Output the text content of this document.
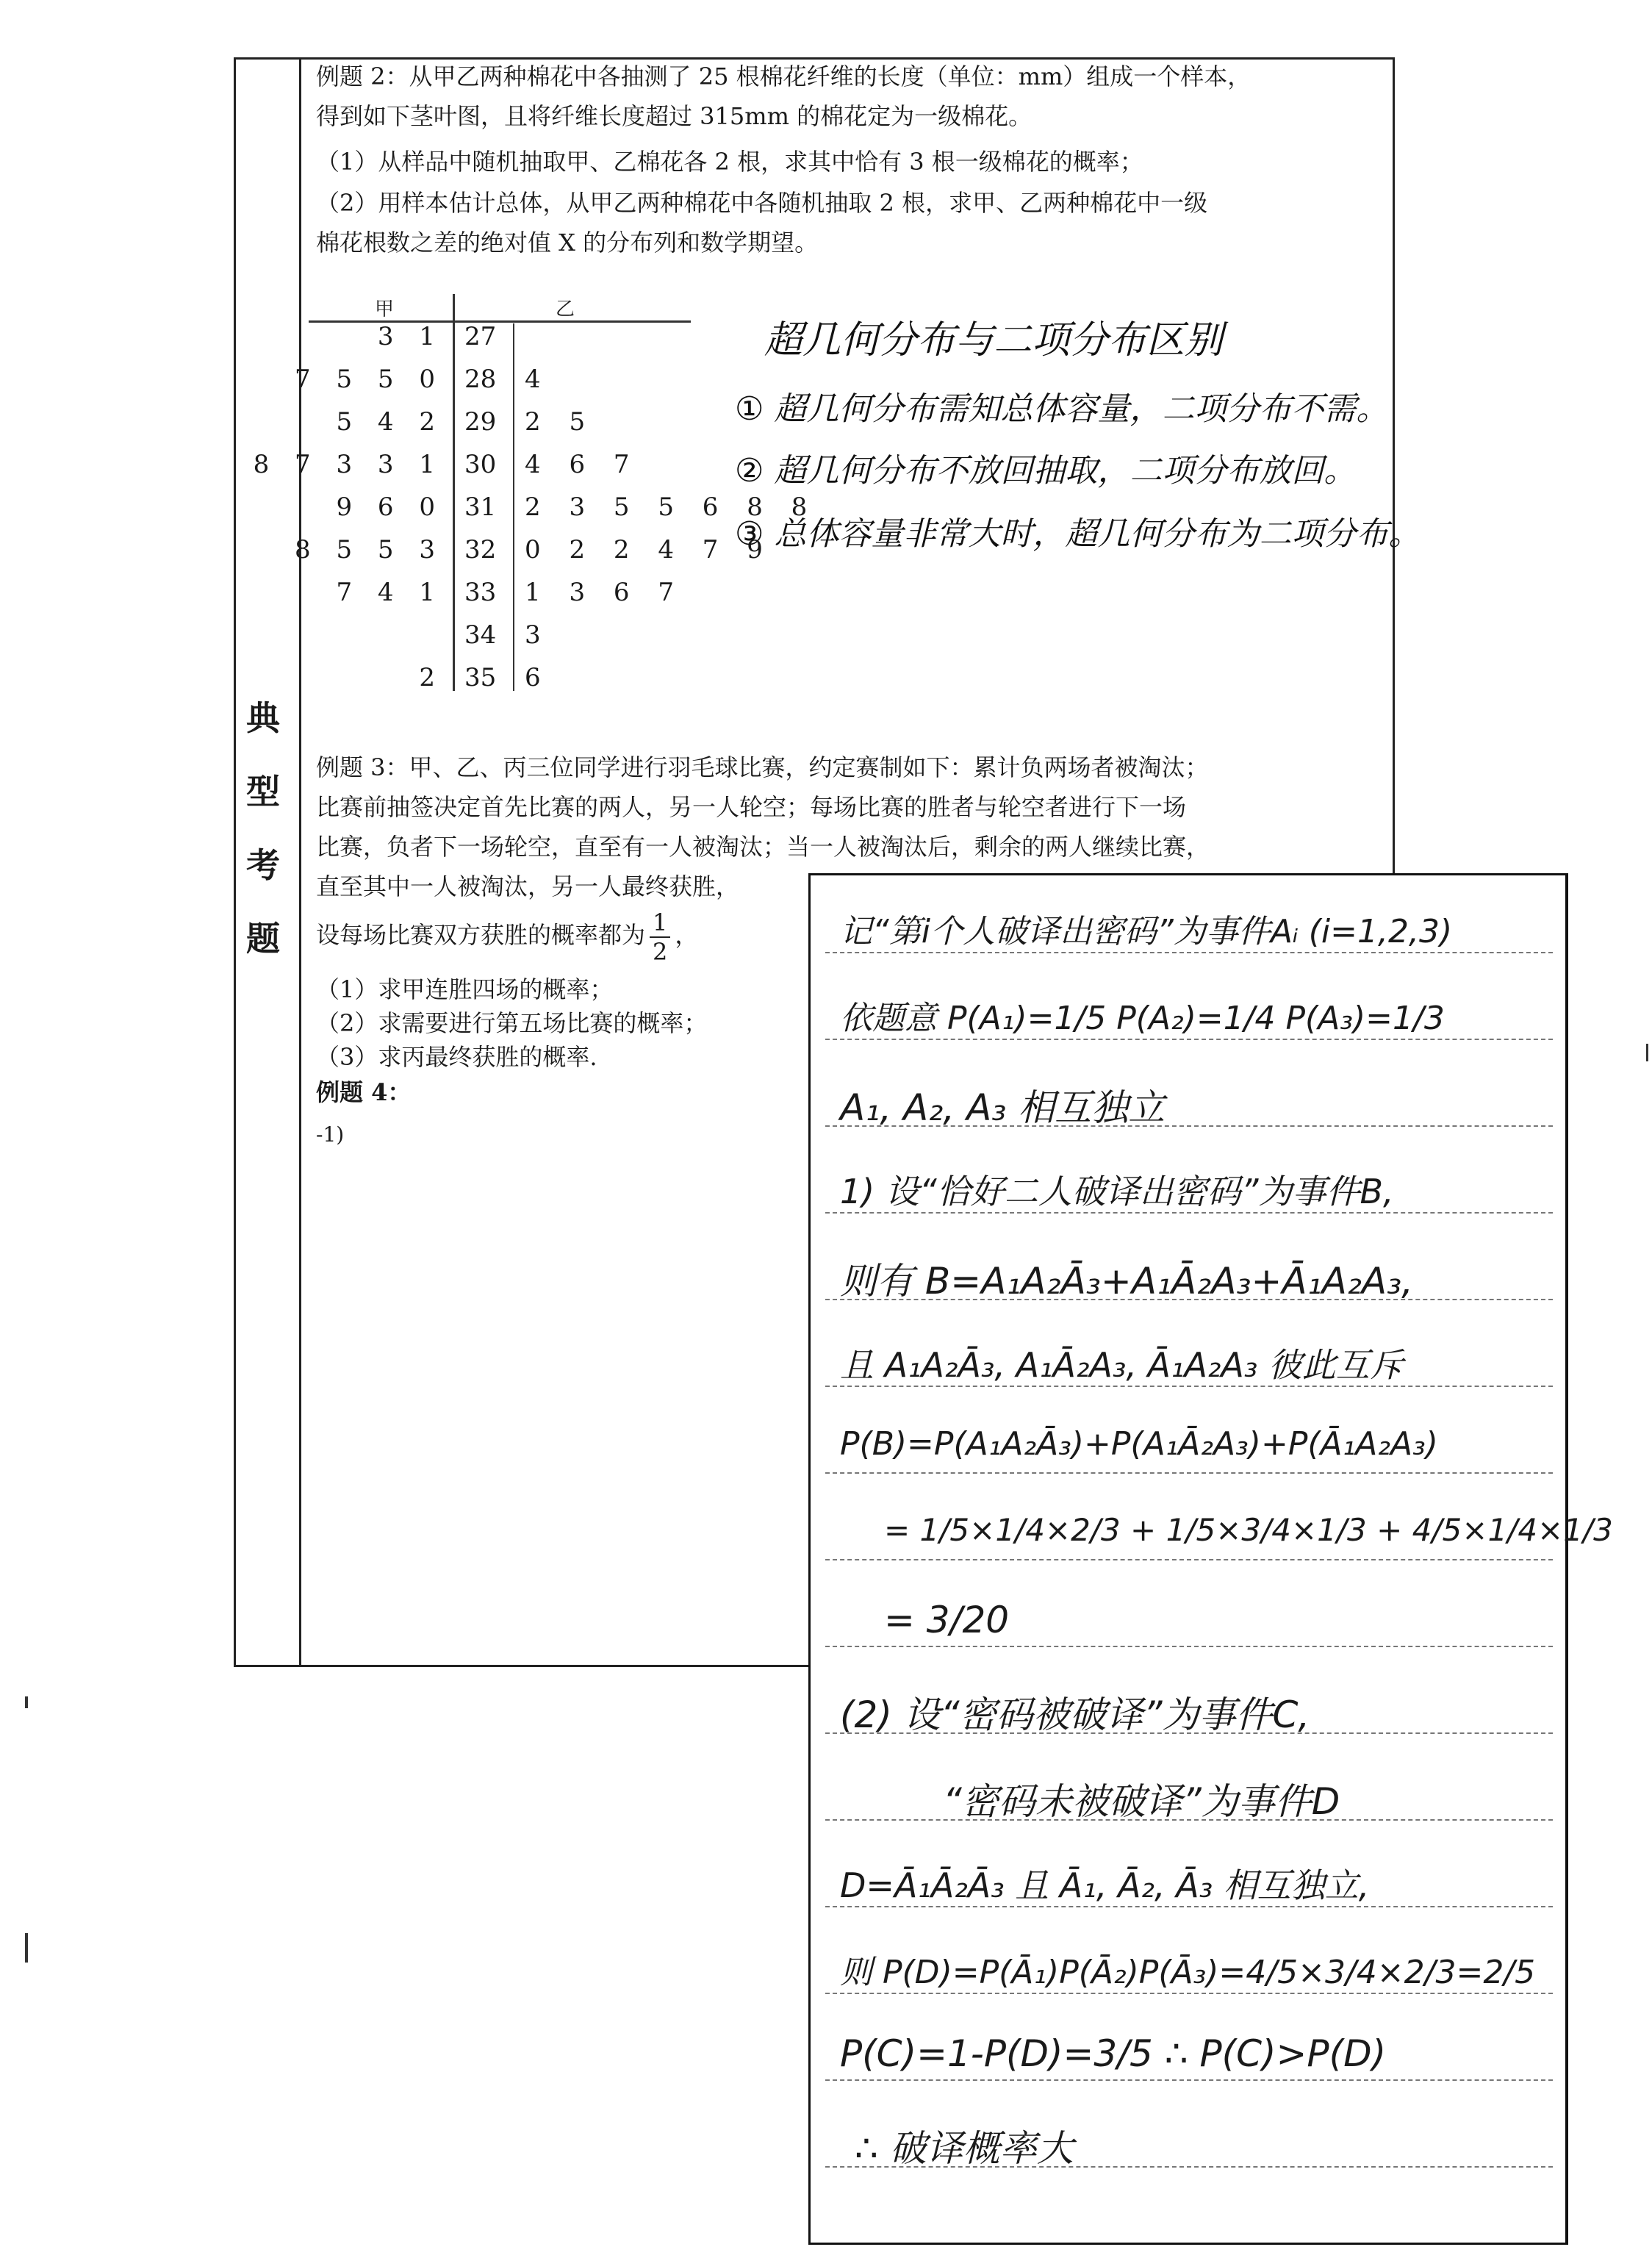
典
型
考
题
例题 2：从甲乙两种棉花中各抽测了 25 根棉花纤维的长度（单位：mm）组成一个样本，
得到如下茎叶图，且将纤维长度超过 315mm 的棉花定为一级棉花。
（1）从样品中随机抽取甲、乙棉花各 2 根，求其中恰有 3 根一级棉花的概率；
（2）用样本估计总体，从甲乙两种棉花中各随机抽取 2 根，求甲、乙两种棉花中一级
棉花根数之差的绝对值 X 的分布列和数学期望。
甲	乙
3 1 27
7 5 5 0 28 4
5 4 2 29 2 5
8 7 3 3 1 30 4 6 7
9 6 0 31 2 3 5 5 6 8 8
8 5 5 3 32 0 2 2 4 7 9
7 4 1 33 1 3 6 7
34 3
2 35 6
超几何分布与二项分布区别
① 超几何分布需知总体容量，二项分布不需。
② 超几何分布不放回抽取，二项分布放回。
③ 总体容量非常大时，超几何分布为二项分布。
例题 3：甲、乙、丙三位同学进行羽毛球比赛，约定赛制如下：累计负两场者被淘汰；
比赛前抽签决定首先比赛的两人，另一人轮空；每场比赛的胜者与轮空者进行下一场
比赛，负者下一场轮空，直至有一人被淘汰；当一人被淘汰后，剩余的两人继续比赛，
直至其中一人被淘汰，另一人最终获胜，
设每场比赛双方获胜的概率都为 $\frac{1}{2}$ ，
（1）求甲连胜四场的概率；
（2）求需要进行第五场比赛的概率；
（3）求丙最终获胜的概率.
例题 4：
-1)
记“第i个人破译出密码”为事件Aᵢ (i=1,2,3)
依题意 P(A₁)=1/5 P(A₂)=1/4 P(A₃)=1/3
A₁, A₂, A₃ 相互独立
1) 设“恰好二人破译出密码”为事件B,
则有 B=A₁A₂Ā₃+A₁Ā₂A₃+Ā₁A₂A₃,
且 A₁A₂Ā₃, A₁Ā₂A₃, Ā₁A₂A₃ 彼此互斥
P(B)=P(A₁A₂Ā₃)+P(A₁Ā₂A₃)+P(Ā₁A₂A₃)
= 1/5×1/4×2/3 + 1/5×3/4×1/3 + 4/5×1/4×1/3
= 3/20
(2) 设“密码被破译”为事件C,
“密码未被破译”为事件D
D=Ā₁Ā₂Ā₃ 且 Ā₁, Ā₂, Ā₃ 相互独立,
则 P(D)=P(Ā₁)P(Ā₂)P(Ā₃)=4/5×3/4×2/3=2/5
P(C)=1-P(D)=3/5 ∴ P(C)>P(D)
∴ 破译概率大
